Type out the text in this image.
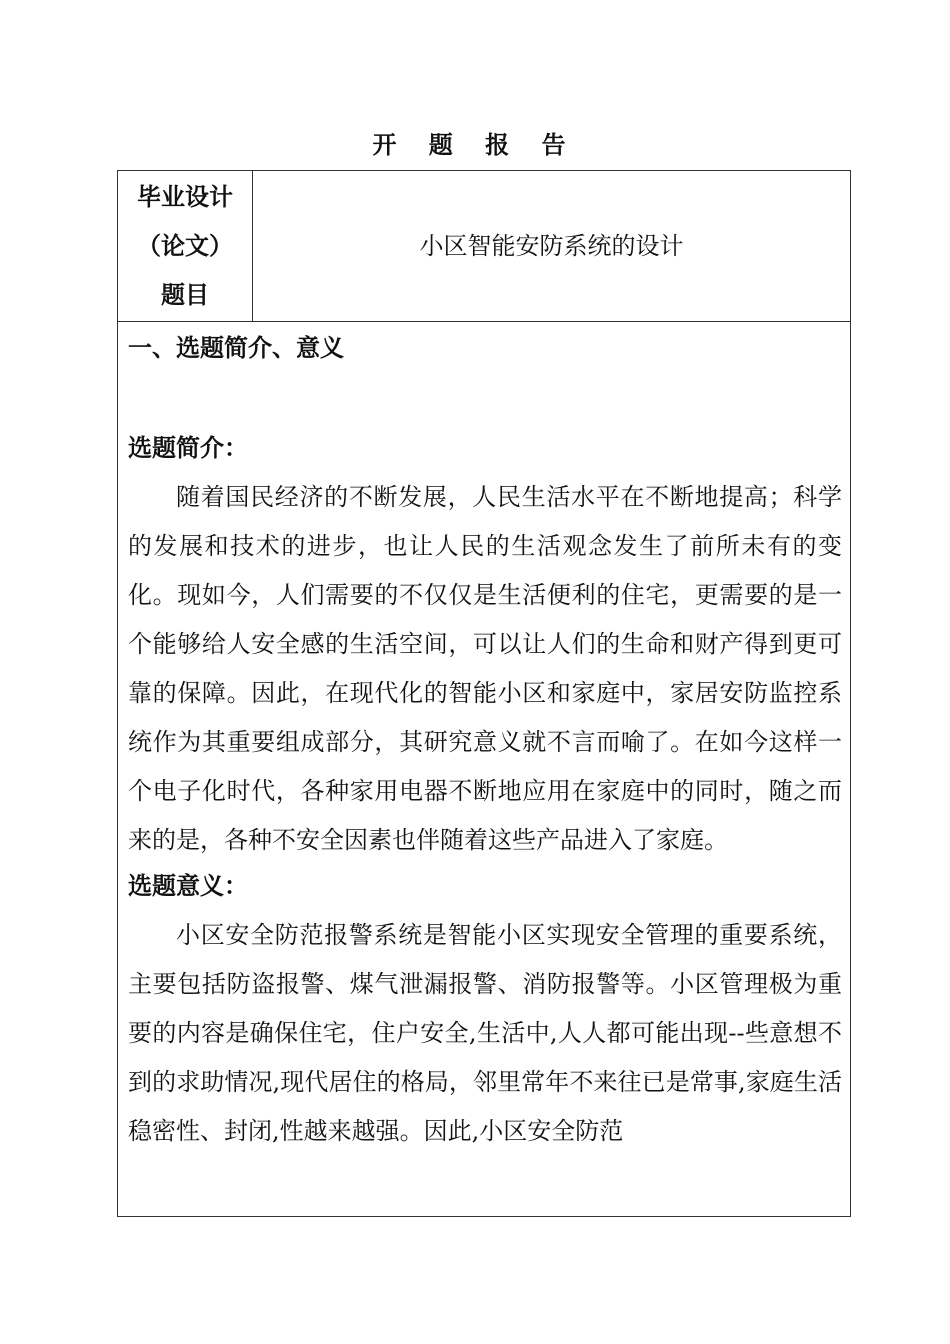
开 题 报 告
毕业设计（论文）题目
小区智能安防系统的设计

一、选题简介、意义

选题简介：

随着国民经济的不断发展，人民生活水平在不断地提高；科学的发展和技术的进步，也让人民的生活观念发生了前所未有的变化。现如今，人们需要的不仅仅是生活便利的住宅，更需要的是一个能够给人安全感的生活空间，可以让人们的生命和财产得到更可靠的保障。因此，在现代化的智能小区和家庭中，家居安防监控系统作为其重要组成部分，其研究意义就不言而喻了。在如今这样一个电子化时代，各种家用电器不断地应用在家庭中的同时，随之而来的是，各种不安全因素也伴随着这些产品进入了家庭。

选题意义：

小区安全防范报警系统是智能小区实现安全管理的重要系统，主要包括防盗报警、煤气泄漏报警、消防报警等。小区管理极为重要的内容是确保住宅，住户安全,生活中,人人都可能出现--些意想不到的求助情况,现代居住的格局，邻里常年不来往已是常事,家庭生活稳密性、封闭,性越来越强。因此,小区安全防范
